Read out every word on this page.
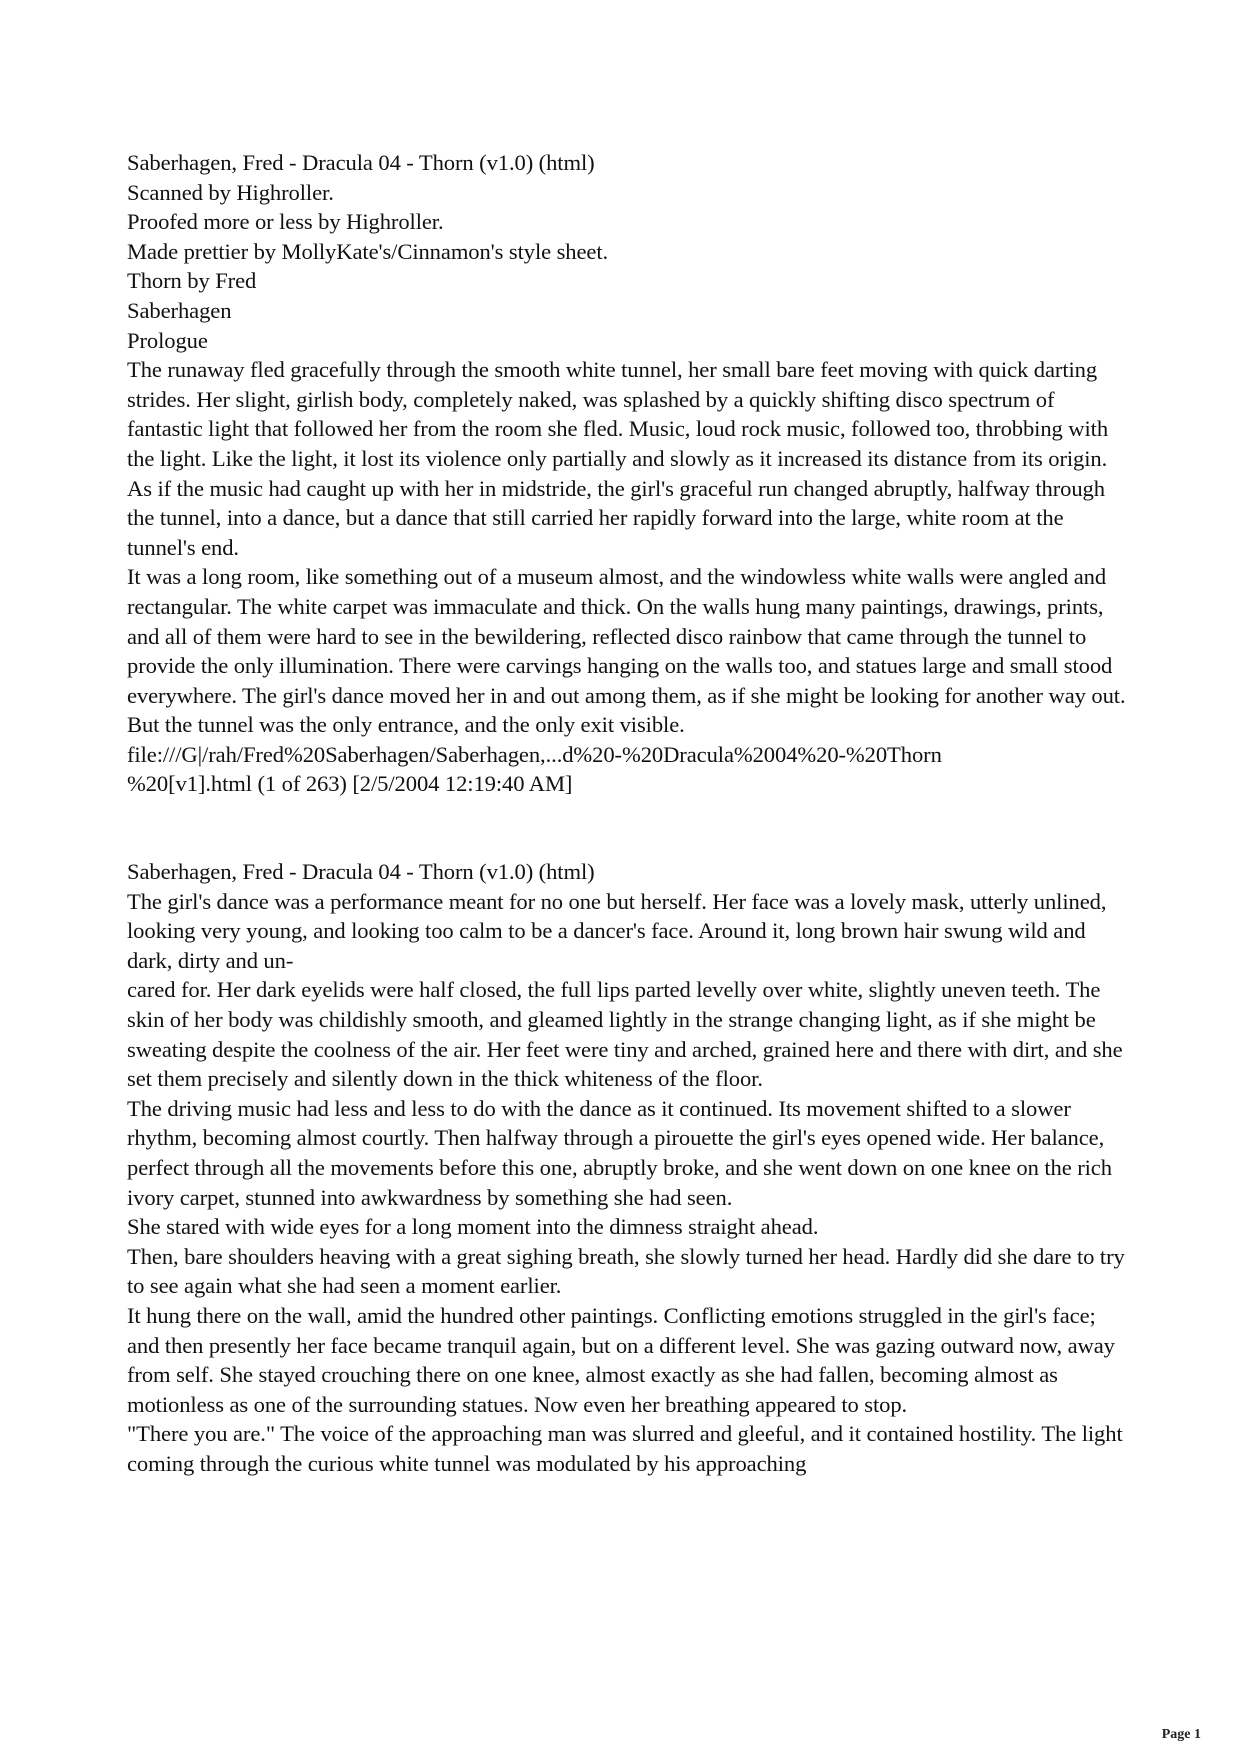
Saberhagen, Fred - Dracula 04 - Thorn (v1.0) (html)

Scanned by Highroller.

Proofed more or less by Highroller.

Made prettier by MollyKate's/Cinnamon's style sheet.

Thorn by Fred

Saberhagen

Prologue

The runaway fled gracefully through the smooth white tunnel, her small bare feet moving with quick darting strides. Her slight, girlish body, completely naked, was splashed by a quickly shifting disco spectrum of fantastic light that followed her from the room she fled. Music, loud rock music, followed too, throbbing with the light. Like the light, it lost its violence only partially and slowly as it increased its distance from its origin.

As if the music had caught up with her in midstride, the girl's graceful run changed abruptly, halfway through the tunnel, into a dance, but a dance that still carried her rapidly forward into the large, white room at the tunnel's end.

It was a long room, like something out of a museum almost, and the windowless white walls were angled and rectangular. The white carpet was immaculate and thick. On the walls hung many paintings, drawings, prints, and all of them were hard to see in the bewildering, reflected disco rainbow that came through the tunnel to provide the only illumination. There were carvings hanging on the walls too, and statues large and small stood everywhere. The girl's dance moved her in and out among them, as if she might be looking for another way out. But the tunnel was the only entrance, and the only exit visible.

file:///G|/rah/Fred%20Saberhagen/Saberhagen,...d%20-%20Dracula%2004%20-%20Thorn

%20[v1].html (1 of 263) [2/5/2004 12:19:40 AM]

Saberhagen, Fred - Dracula 04 - Thorn (v1.0) (html)

The girl's dance was a performance meant for no one but herself. Her face was a lovely mask, utterly unlined, looking very young, and looking too calm to be a dancer's face. Around it, long brown hair swung wild and dark, dirty and un-

cared for. Her dark eyelids were half closed, the full lips parted levelly over white, slightly uneven teeth. The skin of her body was childishly smooth, and gleamed lightly in the strange changing light, as if she might be sweating despite the coolness of the air. Her feet were tiny and arched, grained here and there with dirt, and she set them precisely and silently down in the thick whiteness of the floor.

The driving music had less and less to do with the dance as it continued. Its movement shifted to a slower rhythm, becoming almost courtly. Then halfway through a pirouette the girl's eyes opened wide. Her balance, perfect through all the movements before this one, abruptly broke, and she went down on one knee on the rich ivory carpet, stunned into awkwardness by something she had seen.

She stared with wide eyes for a long moment into the dimness straight ahead.

Then, bare shoulders heaving with a great sighing breath, she slowly turned her head. Hardly did she dare to try to see again what she had seen a moment earlier.

It hung there on the wall, amid the hundred other paintings. Conflicting emotions struggled in the girl's face; and then presently her face became tranquil again, but on a different level. She was gazing outward now, away from self. She stayed crouching there on one knee, almost exactly as she had fallen, becoming almost as motionless as one of the surrounding statues. Now even her breathing appeared to stop.

"There you are." The voice of the approaching man was slurred and gleeful, and it contained hostility. The light coming through the curious white tunnel was modulated by his approaching

Page 1
